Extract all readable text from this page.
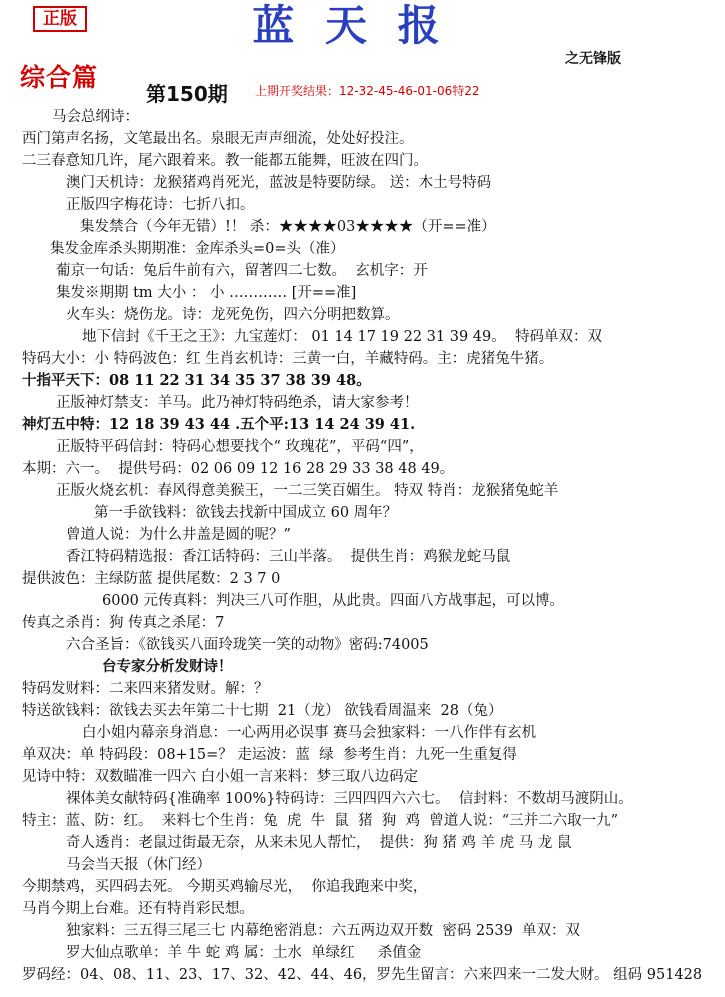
正版	蓝 天 报
之无锋版
综合篇
第150期 上期开奖结果：12-32-45-46-01-06特22
马会总纲诗：
西门第声名扬，文笔最出名。泉眼无声声细流，处处好投注。
二三春意知几许，尾六跟着来。教一能都五能舞，旺波在四门。
澳门天机诗：龙猴猪鸡肖死光，蓝波是特要防绿。 送：木土号特码
正版四字梅花诗：七折八扣。
集发禁合（今年无错）!！ 杀：★★★★03★★★★（开==准）
集发金库杀头期期准：金库杀头=0=头（准）
葡京一句话：兔后牛前有六，留著四二七数。  玄机字：开
集发※期期 tm 大小 ： 小 ………… [开==准]
火车头：烧伤龙。诗：龙死免伤，四六分明把数算。
地下信封《千王之王》：九宝莲灯： 01 14 17 19 22 31 39 49。  特码单双：双
特码大小：小 特码波色：红 生肖玄机诗：三黄一白，羊藏特码。主：虎猪兔牛猪。
十指平天下：08 11 22 31 34 35 37 38 39 48。
正版神灯禁支：羊马。此乃神灯特码绝杀，请大家参考！
神灯五中特：12 18 39 43 44 .五个平:13 14 24 39 41.
正版特平码信封：特码心想要找个“ 玫瑰花”，平码“四”，
本期：六一。  提供号码：02 06 09 12 16 28 29 33 38 48 49。
正版火烧玄机：春风得意美猴王，一二三笑百媚生。 特双 特肖：龙猴猪兔蛇羊
第一手欲钱料：欲钱去找新中国成立 60 周年？
曾道人说：为什么井盖是圆的呢？”
香江特码精选报：香江话特码：三山半落。  提供生肖：鸡猴龙蛇马鼠
提供波色：主绿防蓝 提供尾数：2 3 7 0
6000 元传真料：判决三八可作胆，从此贵。四面八方战事起，可以博。
传真之杀肖：狗 传真之杀尾：7
六合圣旨：《欲钱买八面玲珑笑一笑的动物》密码:74005
台专家分析发财诗！
特码发财料：二来四来猪发财。解：？
特送欲钱料：欲钱去买去年第二十七期  21（龙） 欲钱看周温来  28（兔）
白小姐内幕亲身消息：一心两用必误事 赛马会独家料：一八作伴有玄机
单双决：单 特码段：08+15=？ 走运波：蓝  绿  参考生肖：九死一生重复得
见诗中特：双数瞄准一四六 白小姐一言来料：梦三取八边码定
裸体美女献特码{准确率 100%}特码诗：三四四四六六七。  信封料：不数胡马渡阴山。
特主：蓝、防：红。  来料七个生肖：兔  虎  牛  鼠  猪  狗  鸡  曾道人说：“三并二六取一九”
奇人透肖：老鼠过街最无奈，从来未见人帮忙，  提供：狗 猪 鸡 羊 虎 马 龙 鼠
马会当天报（休门经）
今期禁鸡，买四码去死。 今期买鸡输尽光，  你追我跑来中奖，
马肖今期上台难。还有特肖彩民想。
独家料：三五得三尾三七 内幕绝密消息：六五两边双开数  密码 2539  单双：双
罗大仙点歌单：羊 牛 蛇 鸡 属：土水  单绿红     杀值金
罗码经：04、08、11、23、17、32、42、44、46，罗先生留言：六来四来一二发大财。 组码 951428
